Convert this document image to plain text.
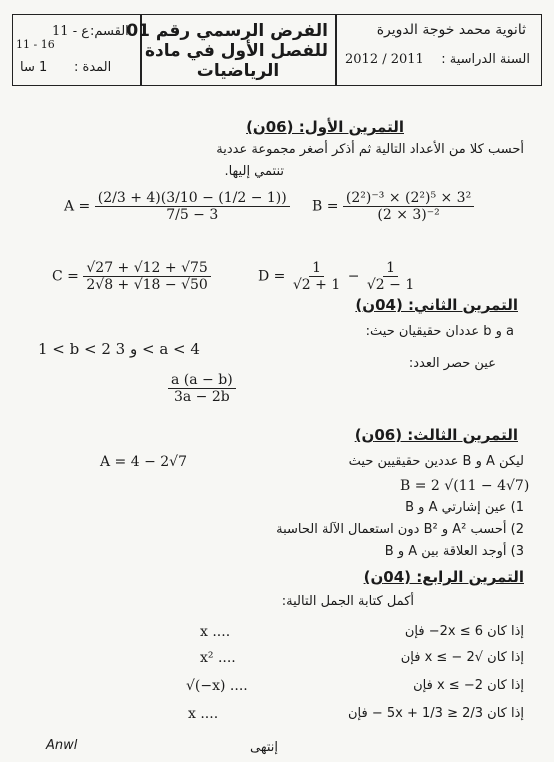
ثانوية محمد خوجة الدويرة
السنة الدراسية :
2012 / 2011
الفرض الرسمي رقم 01
للفصل الأول في مادة
الرياضيات
القسم:
1ع - 1
11 - 16
المدة :
1 سا
التمرين الأول: (06ن)
أحسب كلا من الأعداد التالية ثم أذكر أصغر مجموعة عددية
تنتمي إليها.
$A = \frac{(2/3 + 4)(3/10 - (1/2 - 1))}{7/5 - 3}$ $B = \frac{\text{(2²)⁻³ × (2²)⁵ × 3²}}{\text{(2 × 3)⁻²}}$
$C = \frac{√27 + √12 + √75}{2√8 + √18 - √50}$	$D = \frac{1}{√2 + 1} - \frac{1}{√2 - 1}$
التمرين الثاني: (04ن)
a و b عددان حقيقيان حيث:
1 < b < 2 و 3 < a < 4
عين حصر العدد:
$\frac{a (a - b)}{3a - 2b}$
التمرين الثالث: (06ن)
A = 4 − 2√7	ليكن A و B عددين حقيقيين حيث
B = 2 √(11 − 4√7)
1) عين إشارتي A و B
2) أحسب A² و B² دون استعمال الآلة الحاسبة
3) أوجد العلاقة بين A و B
التمرين الرابع: (04ن)
أكمل كتابة الجمل التالية:
x ....	إذا كان 6 ≥ 2x− فإن
x² ....	إذا كان √2 − ≥ x فإن
√(−x) ....	إذا كان 2− ≥ x فإن
x ....	إذا كان 5x + 1/3 ≥ 2/3 − فإن
Anwl	إنتهى
